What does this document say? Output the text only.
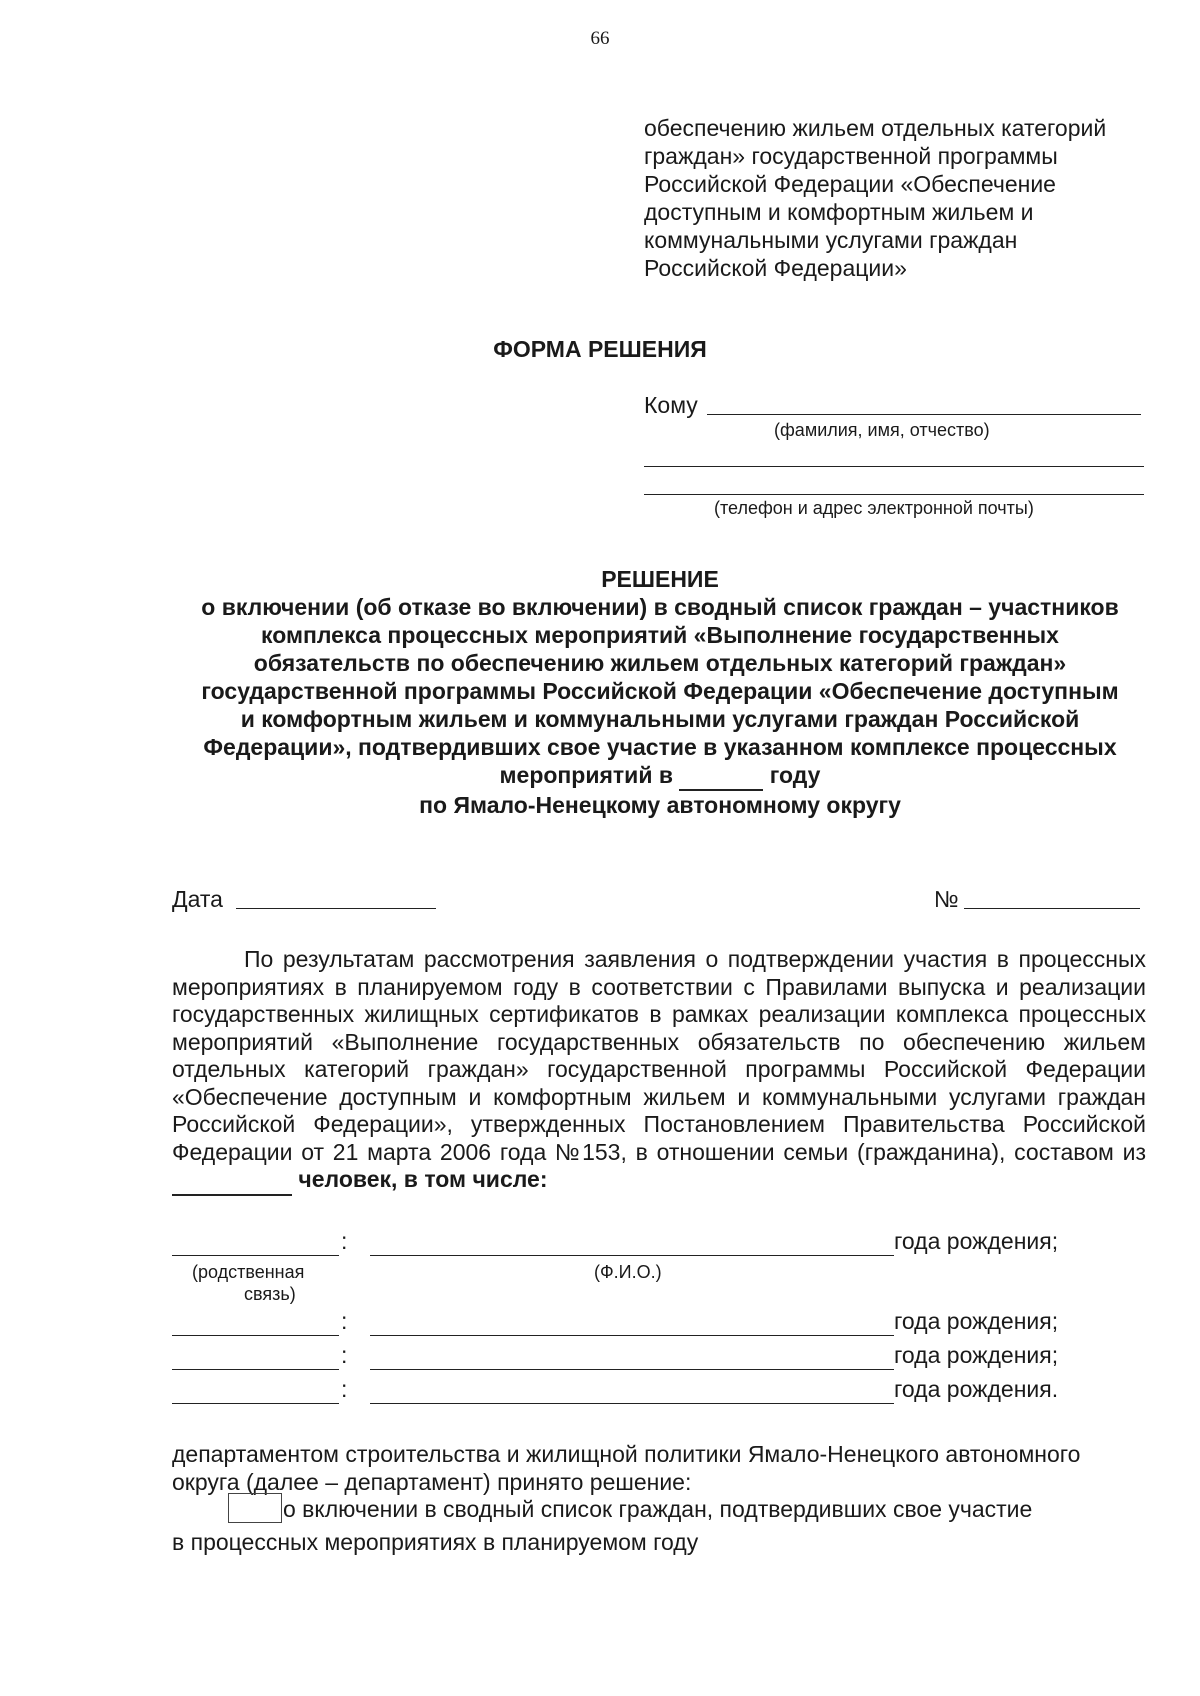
66
обеспечению жильем отдельных категорий
граждан» государственной программы
Российской Федерации «Обеспечение
доступным и комфортным жильем и
коммунальными услугами граждан
Российской Федерации»
ФОРМА РЕШЕНИЯ
Кому
(фамилия, имя, отчество)
(телефон и адрес электронной почты)
РЕШЕНИЕ
о включении (об отказе во включении) в сводный список граждан – участников
комплекса процессных мероприятий «Выполнение государственных
обязательств по обеспечению жильем отдельных категорий граждан»
государственной программы Российской Федерации «Обеспечение доступным
и комфортным жильем и коммунальными услугами граждан Российской
Федерации», подтвердивших свое участие в указанном комплексе процессных
мероприятий в	году
по Ямало-Ненецкому автономному округу
Дата	№
По результатам рассмотрения заявления о подтверждении участия в процессных мероприятиях в планируемом году в соответствии с Правилами выпуска и реализации государственных жилищных сертификатов в рамках реализации комплекса процессных мероприятий «Выполнение государственных обязательств по обеспечению жильем отдельных категорий граждан» государственной программы Российской Федерации «Обеспечение доступным и комфортным жильем и коммунальными услугами граждан Российской Федерации», утвержденных Постановлением Правительства Российской Федерации от 21 марта 2006 года №153, в отношении семьи (гражданина), составом из   человек, в том числе:
:	года рождения;
(родственная
связь)
(Ф.И.О.)
:	года рождения;
:	года рождения;
:	года рождения.
департаментом строительства и жилищной политики Ямало-Ненецкого автономного
округа (далее – департамент) принято решение:
о включении в сводный список граждан, подтвердивших свое участие
в процессных мероприятиях в планируемом году
